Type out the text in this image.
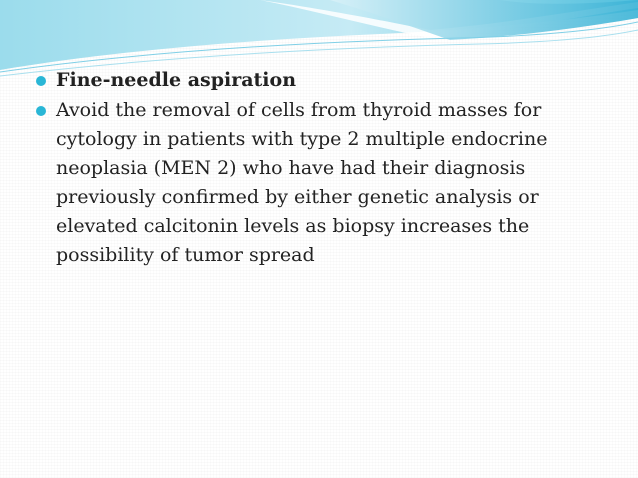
Fine-needle aspiration
Avoid the removal of cells from thyroid masses for cytology in patients with type 2 multiple endocrine neoplasia (MEN 2) who have had their diagnosis previously confirmed by either genetic analysis or elevated calcitonin levels as biopsy increases the possibility of tumor spread
